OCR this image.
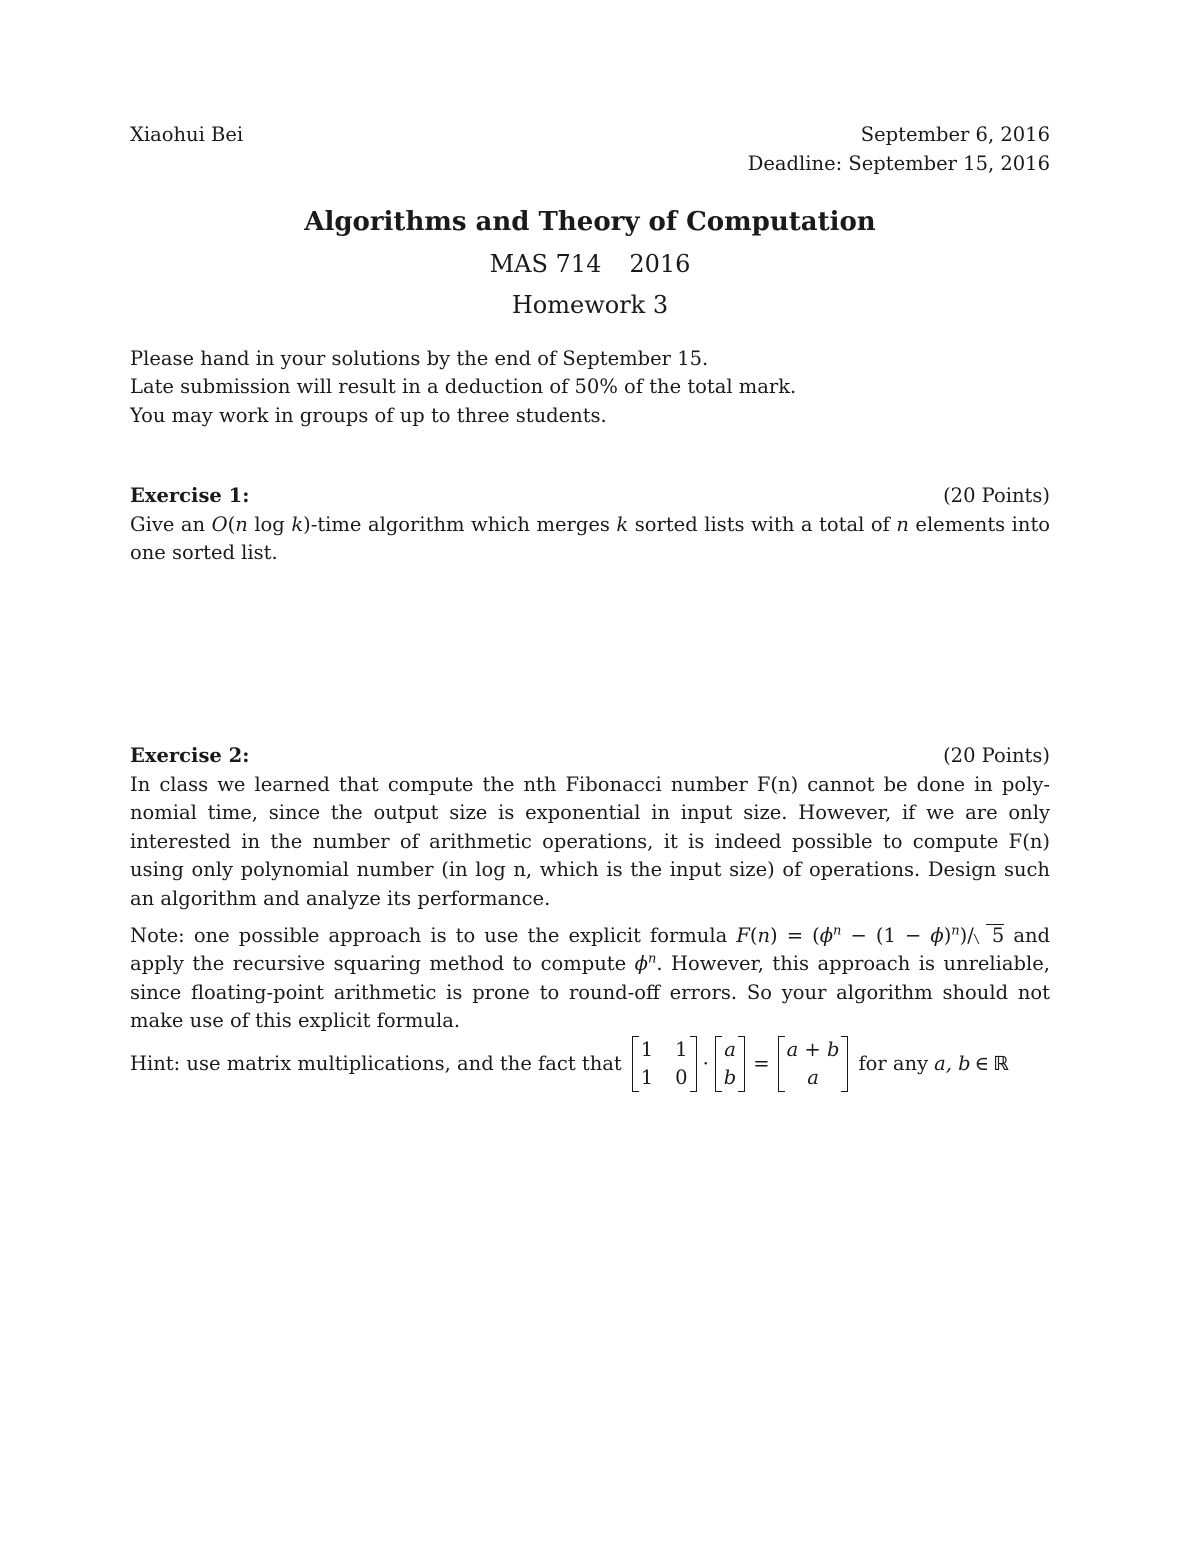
Xiaohui Bei	September 6, 2016
Deadline: September 15, 2016
Algorithms and Theory of Computation
MAS 714 2016
Homework 3
Please hand in your solutions by the end of September 15.
Late submission will result in a deduction of 50% of the total mark.
You may work in groups of up to three students.
Exercise 1:	(20 Points)
Give an O(n log k)-time algorithm which merges k sorted lists with a total of n elements into
one sorted list.
Exercise 2:	(20 Points)
In class we learned that compute the nth Fibonacci number F(n) cannot be done in poly-
nomial time, since the output size is exponential in input size. However, if we are only
interested in the number of arithmetic operations, it is indeed possible to compute F(n)
using only polynomial number (in log n, which is the input size) of operations. Design such
an algorithm and analyze its performance.
Note: one possible approach is to use the explicit formula $F(n) = (\phi^n - (1 - \phi)^n)/$ 5 and
apply the recursive squaring method to compute $\phi^n$. However, this approach is unreliable,
since floating-point arithmetic is prone to round-off errors. So your algorithm should not
make use of this explicit formula.
Hint: use matrix multiplications, and the fact that
1 1
1 0
·
a
b
=
a + b
a
for any a, b ∈ ℝ
